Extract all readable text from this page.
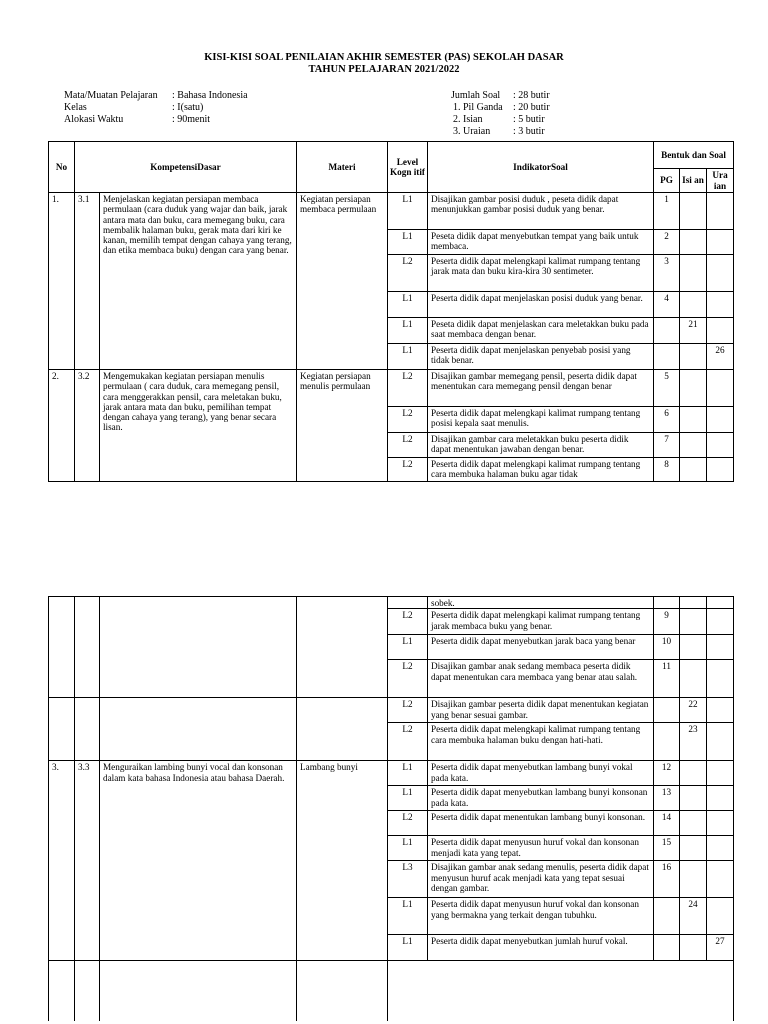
KISI-KISI SOAL PENILAIAN AKHIR SEMESTER (PAS) SEKOLAH DASAR
TAHUN PELAJARAN 2021/2022
Mata/Muatan Pelajaran : Bahasa Indonesia
Kelas	: I(satu)
Alokasi Waktu	: 90menit
Jumlah Soal : 28 butir
1. Pil Ganda : 20 butir
2. Isian	: 5 butir
3. Uraian : 3 butir
No	KompetensiDasar		Materi	Level Kogn itif	IndikatorSoal	Bentuk dan Soal		
						PG	Isi an	Ura ian
1.	3.1	Menjelaskan kegiatan persiapan membaca permulaan (cara duduk yang wajar dan baik, jarak antara mata dan buku, cara memegang buku, cara membalik halaman buku, gerak mata dari kiri ke kanan, memilih tempat dengan cahaya yang terang, dan etika membaca buku) dengan cara yang benar.	Kegiatan persiapan membaca permulaan	L1	Disajikan gambar posisi duduk , peseta didik dapat menunjukkan gambar posisi duduk yang benar.	1		
				L1	Peseta didik dapat menyebutkan tempat yang baik untuk membaca.	2		
				L2	Peserta didik dapat melengkapi kalimat rumpang tentang jarak mata dan buku kira-kira 30 sentimeter.	3		
				L1	Peserta didik dapat menjelaskan posisi duduk yang benar.	4		
				L1	Peseta didik dapat menjelaskan cara meletakkan buku pada saat membaca dengan benar.		21	
				L1	Peserta didik dapat menjelaskan penyebab posisi yang tidak benar.			26
2.	3.2	Mengemukakan kegiatan persiapan menulis permulaan ( cara duduk, cara memegang pensil, cara menggerakkan pensil, cara meletakan buku, jarak antara mata dan buku, pemilihan tempat dengan cahaya yang terang), yang benar secara lisan.	Kegiatan persiapan menulis permulaan	L2	Disajikan gambar memegang pensil, peserta didik dapat menentukan cara memegang pensil dengan benar	5		
				L2	Peserta didik dapat melengkapi kalimat rumpang tentang posisi kepala saat menulis.	6		
				L2	Disajikan gambar cara meletakkan buku peserta didik dapat menentukan jawaban dengan benar.	7		
				L2	Peserta didik dapat melengkapi kalimat rumpang tentang cara membuka halaman buku agar tidak	8		
					sobek.			
				L2	Peserta didik dapat melengkapi kalimat rumpang tentang jarak membaca buku yang benar.	9		
				L1	Peserta didik dapat menyebutkan jarak baca yang benar	10		
				L2	Disajikan gambar anak sedang membaca peserta didik dapat menentukan cara membaca yang benar atau salah.	11		
				L2	Disajikan gambar peserta didik dapat menentukan kegiatan yang benar sesuai gambar.		22	
				L2	Peserta didik dapat melengkapi kalimat rumpang tentang cara membuka halaman buku dengan hati-hati.		23	
3.	3.3	Menguraikan lambing bunyi vocal dan konsonan dalam kata bahasa Indonesia atau bahasa Daerah.	Lambang bunyi	L1	Peserta didik dapat menyebutkan lambang bunyi vokal pada kata.	12		
				L1	Peserta didik dapat menyebutkan lambang bunyi konsonan pada kata.	13		
				L2	Peserta didik dapat menentukan lambang bunyi konsonan.	14		
				L1	Peserta didik dapat menyusun huruf vokal dan konsonan menjadi kata yang tepat.	15		
				L3	Disajikan gambar anak sedang menulis, peserta didik dapat menyusun huruf acak menjadi kata yang tepat sesuai dengan gambar.	16		
				L1	Peserta didik dapat menyusun huruf vokal dan konsonan yang bermakna yang terkait dengan tubuhku.		24	
				L1	Peserta didik dapat menyebutkan jumlah huruf vokal.			27
